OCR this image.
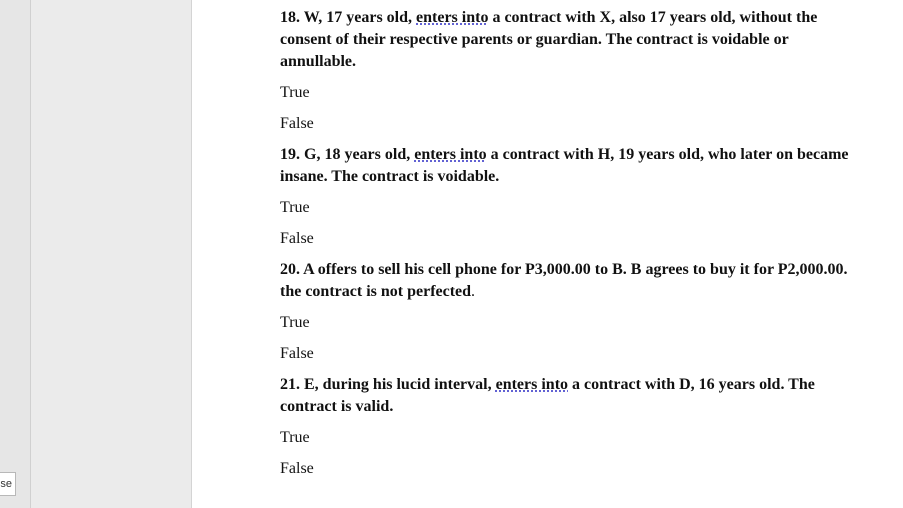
se

18. W, 17 years old, enters into a contract with X, also 17 years old, without the consent of their respective parents or guardian. The contract is voidable or annullable.

True

False

19. G, 18 years old, enters into a contract with H, 19 years old, who later on became insane. The contract is voidable.

True

False

20. A offers to sell his cell phone for P3,000.00 to B. B agrees to buy it for P2,000.00. the contract is not perfected.

True

False

21. E, during his lucid interval, enters into a contract with D, 16 years old. The contract is valid.

True

False
